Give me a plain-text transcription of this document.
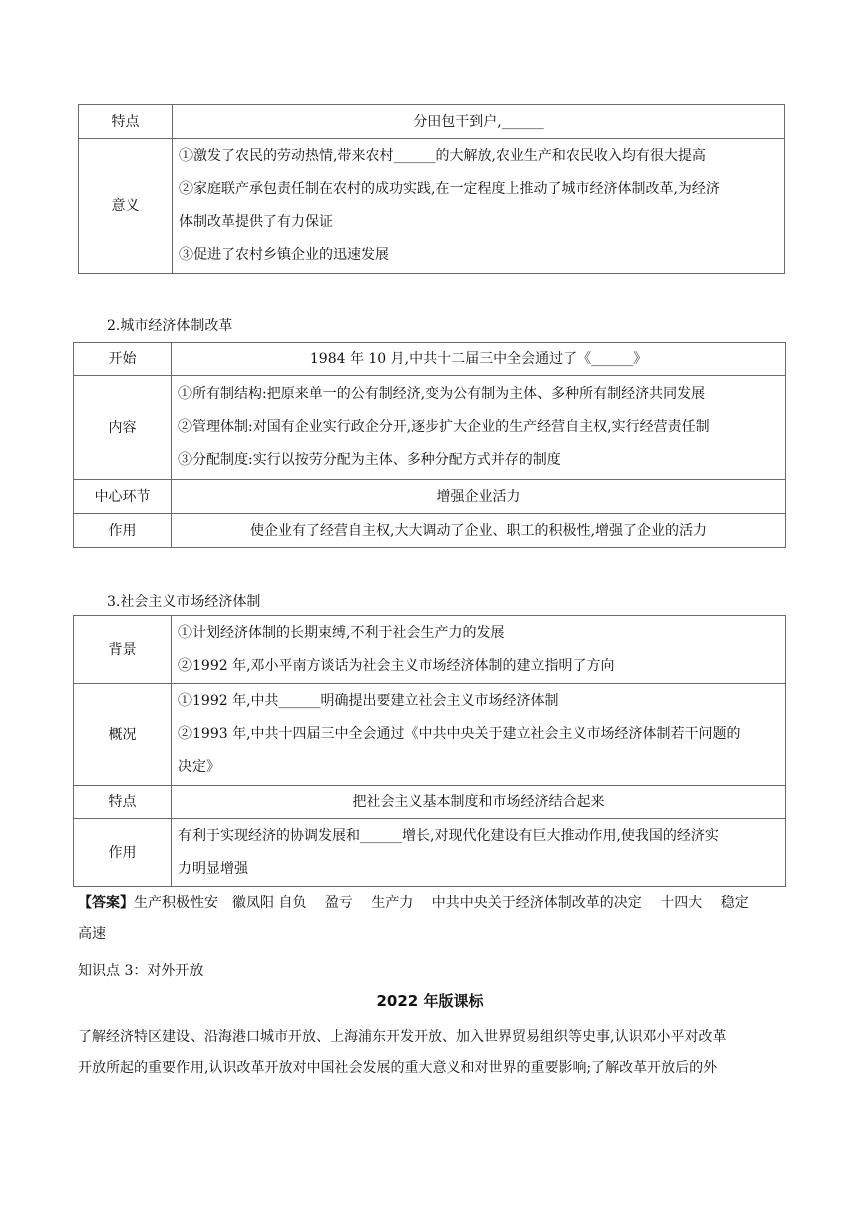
特点	分田包干到户,______
意义	①激发了农民的劳动热情,带来农村______的大解放,农业生产和农民收入均有很大提高
②家庭联产承包责任制在农村的成功实践,在一定程度上推动了城市经济体制改革,为经济
体制改革提供了有力保证
③促进了农村乡镇企业的迅速发展
2.城市经济体制改革
开始	1984 年 10 月,中共十二届三中全会通过了《______》
内容	①所有制结构:把原来单一的公有制经济,变为公有制为主体、多种所有制经济共同发展
②管理体制:对国有企业实行政企分开,逐步扩大企业的生产经营自主权,实行经营责任制
③分配制度:实行以按劳分配为主体、多种分配方式并存的制度

中心环节	增强企业活力
作用	使企业有了经营自主权,大大调动了企业、职工的积极性,增强了企业的活力
3.社会主义市场经济体制
背景	①计划经济体制的长期束缚,不利于社会生产力的发展
②1992 年,邓小平南方谈话为社会主义市场经济体制的建立指明了方向

概况	①1992 年,中共______明确提出要建立社会主义市场经济体制
②1993 年,中共十四届三中全会通过《中共中央关于建立社会主义市场经济体制若干问题的
决定》

特点	把社会主义基本制度和市场经济结合起来
作用	有利于实现经济的协调发展和______增长,对现代化建设有巨大推动作用,使我国的经济实
力明显增强
【答案】生产积极性安　徽凤阳 自负　 盈亏　 生产力　 中共中央关于经济体制改革的决定　 十四大　 稳定
高速
知识点 3：对外开放
2022 年版课标
了解经济特区建设、沿海港口城市开放、上海浦东开发开放、加入世界贸易组织等史事,认识邓小平对改革
开放所起的重要作用,认识改革开放对中国社会发展的重大意义和对世界的重要影响;了解改革开放后的外
